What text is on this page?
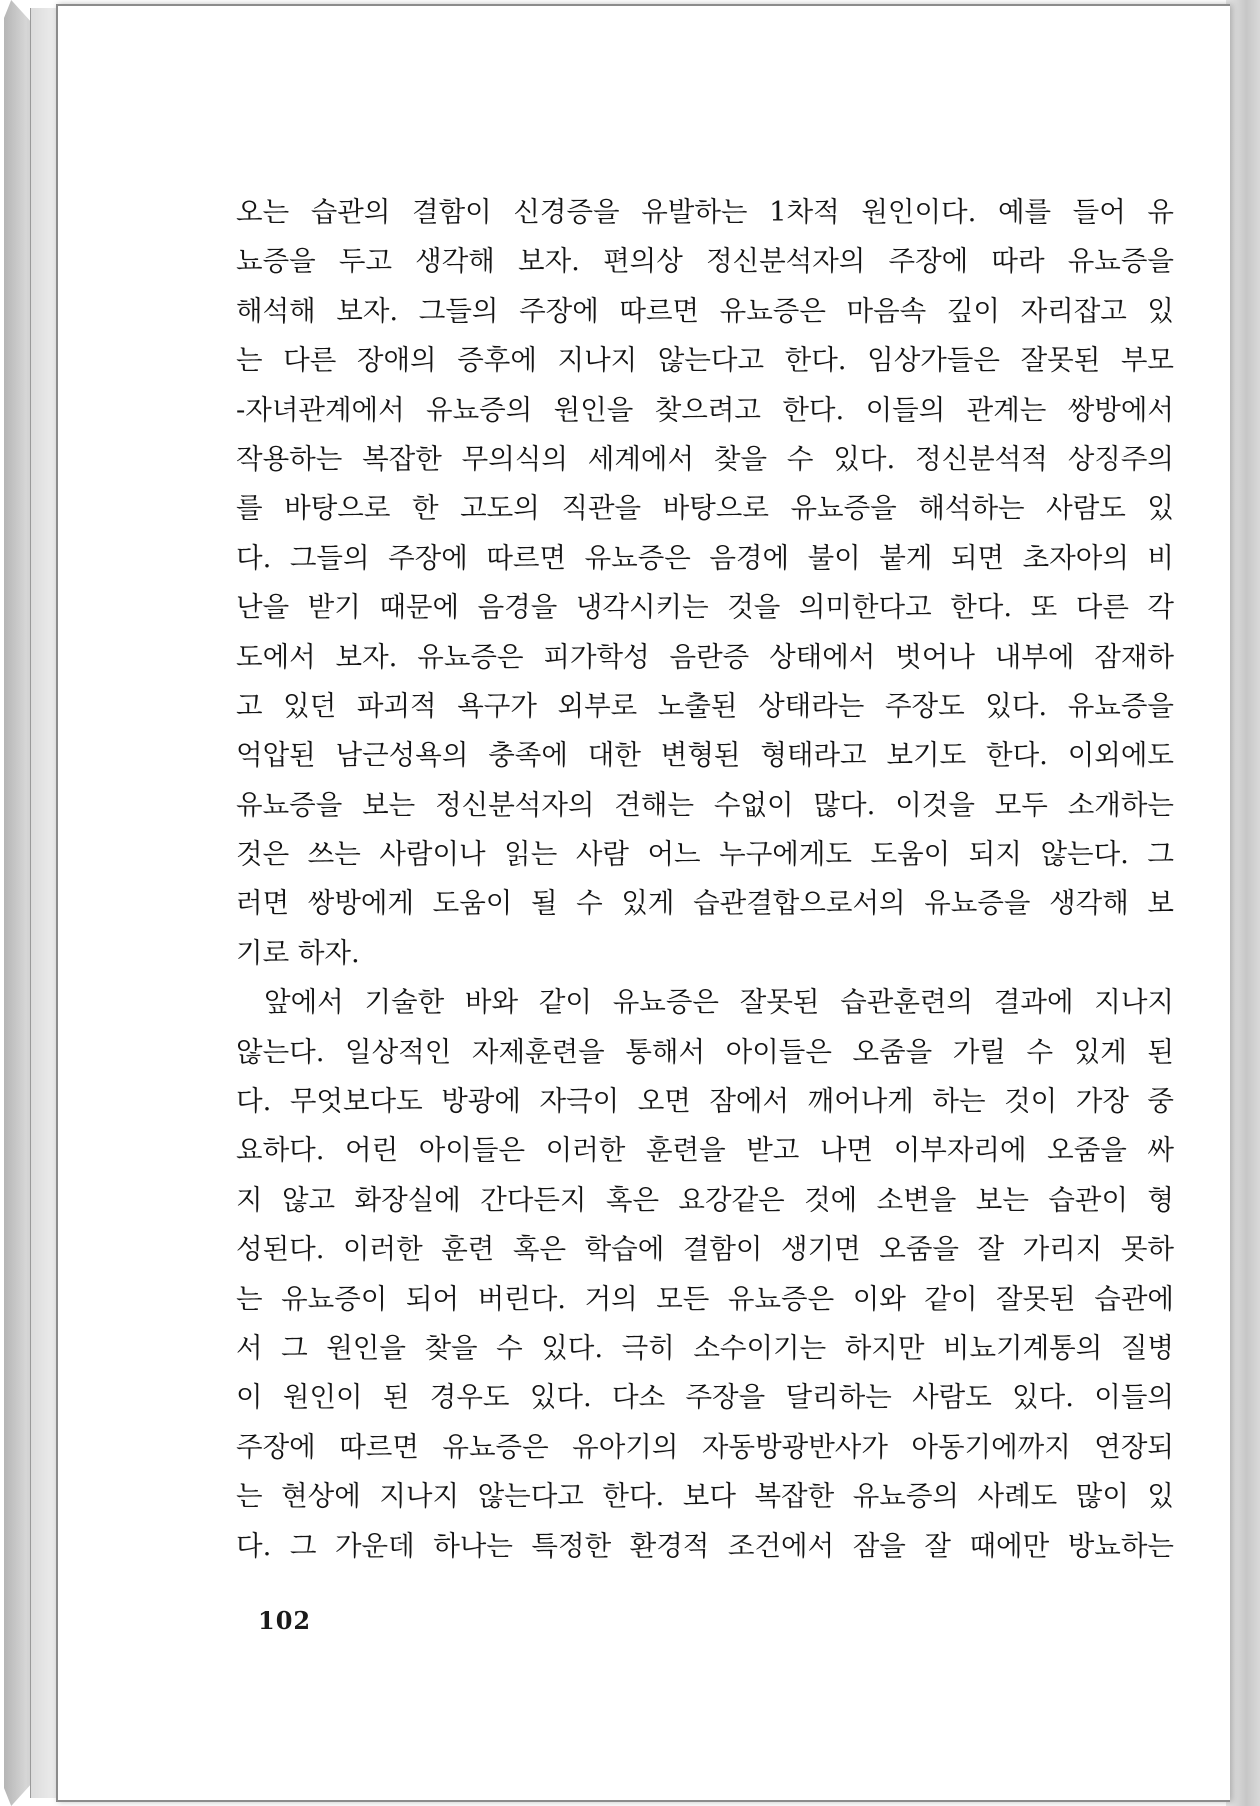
오는 습관의 결함이 신경증을 유발하는 1차적 원인이다. 예를 들어 유
뇨증을 두고 생각해 보자. 편의상 정신분석자의 주장에 따라 유뇨증을
해석해 보자. 그들의 주장에 따르면 유뇨증은 마음속 깊이 자리잡고 있
는 다른 장애의 증후에 지나지 않는다고 한다. 임상가들은 잘못된 부모
-자녀관계에서 유뇨증의 원인을 찾으려고 한다. 이들의 관계는 쌍방에서
작용하는 복잡한 무의식의 세계에서 찾을 수 있다. 정신분석적 상징주의
를 바탕으로 한 고도의 직관을 바탕으로 유뇨증을 해석하는 사람도 있
다. 그들의 주장에 따르면 유뇨증은 음경에 불이 붙게 되면 초자아의 비
난을 받기 때문에 음경을 냉각시키는 것을 의미한다고 한다. 또 다른 각
도에서 보자. 유뇨증은 피가학성 음란증 상태에서 벗어나 내부에 잠재하
고 있던 파괴적 욕구가 외부로 노출된 상태라는 주장도 있다. 유뇨증을
억압된 남근성욕의 충족에 대한 변형된 형태라고 보기도 한다. 이외에도
유뇨증을 보는 정신분석자의 견해는 수없이 많다. 이것을 모두 소개하는
것은 쓰는 사람이나 읽는 사람 어느 누구에게도 도움이 되지 않는다. 그
러면 쌍방에게 도움이 될 수 있게 습관결합으로서의 유뇨증을 생각해 보
기로 하자.
앞에서 기술한 바와 같이 유뇨증은 잘못된 습관훈련의 결과에 지나지
않는다. 일상적인 자제훈련을 통해서 아이들은 오줌을 가릴 수 있게 된
다. 무엇보다도 방광에 자극이 오면 잠에서 깨어나게 하는 것이 가장 중
요하다. 어린 아이들은 이러한 훈련을 받고 나면 이부자리에 오줌을 싸
지 않고 화장실에 간다든지 혹은 요강같은 것에 소변을 보는 습관이 형
성된다. 이러한 훈련 혹은 학습에 결함이 생기면 오줌을 잘 가리지 못하
는 유뇨증이 되어 버린다. 거의 모든 유뇨증은 이와 같이 잘못된 습관에
서 그 원인을 찾을 수 있다. 극히 소수이기는 하지만 비뇨기계통의 질병
이 원인이 된 경우도 있다. 다소 주장을 달리하는 사람도 있다. 이들의
주장에 따르면 유뇨증은 유아기의 자동방광반사가 아동기에까지 연장되
는 현상에 지나지 않는다고 한다. 보다 복잡한 유뇨증의 사례도 많이 있
다. 그 가운데 하나는 특정한 환경적 조건에서 잠을 잘 때에만 방뇨하는
102
